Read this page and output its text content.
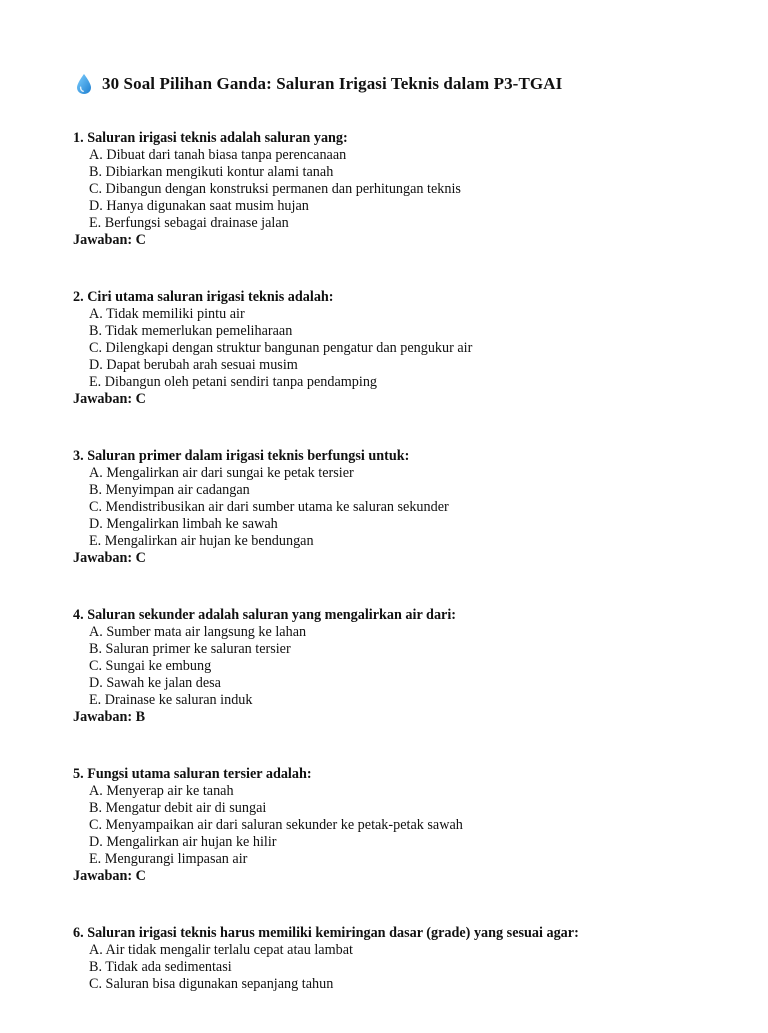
30 Soal Pilihan Ganda: Saluran Irigasi Teknis dalam P3-TGAI
1. Saluran irigasi teknis adalah saluran yang:
A. Dibuat dari tanah biasa tanpa perencanaan
B. Dibiarkan mengikuti kontur alami tanah
C. Dibangun dengan konstruksi permanen dan perhitungan teknis
D. Hanya digunakan saat musim hujan
E. Berfungsi sebagai drainase jalan
Jawaban: C
2. Ciri utama saluran irigasi teknis adalah:
A. Tidak memiliki pintu air
B. Tidak memerlukan pemeliharaan
C. Dilengkapi dengan struktur bangunan pengatur dan pengukur air
D. Dapat berubah arah sesuai musim
E. Dibangun oleh petani sendiri tanpa pendamping
Jawaban: C
3. Saluran primer dalam irigasi teknis berfungsi untuk:
A. Mengalirkan air dari sungai ke petak tersier
B. Menyimpan air cadangan
C. Mendistribusikan air dari sumber utama ke saluran sekunder
D. Mengalirkan limbah ke sawah
E. Mengalirkan air hujan ke bendungan
Jawaban: C
4. Saluran sekunder adalah saluran yang mengalirkan air dari:
A. Sumber mata air langsung ke lahan
B. Saluran primer ke saluran tersier
C. Sungai ke embung
D. Sawah ke jalan desa
E. Drainase ke saluran induk
Jawaban: B
5. Fungsi utama saluran tersier adalah:
A. Menyerap air ke tanah
B. Mengatur debit air di sungai
C. Menyampaikan air dari saluran sekunder ke petak-petak sawah
D. Mengalirkan air hujan ke hilir
E. Mengurangi limpasan air
Jawaban: C
6. Saluran irigasi teknis harus memiliki kemiringan dasar (grade) yang sesuai agar:
A. Air tidak mengalir terlalu cepat atau lambat
B. Tidak ada sedimentasi
C. Saluran bisa digunakan sepanjang tahun
